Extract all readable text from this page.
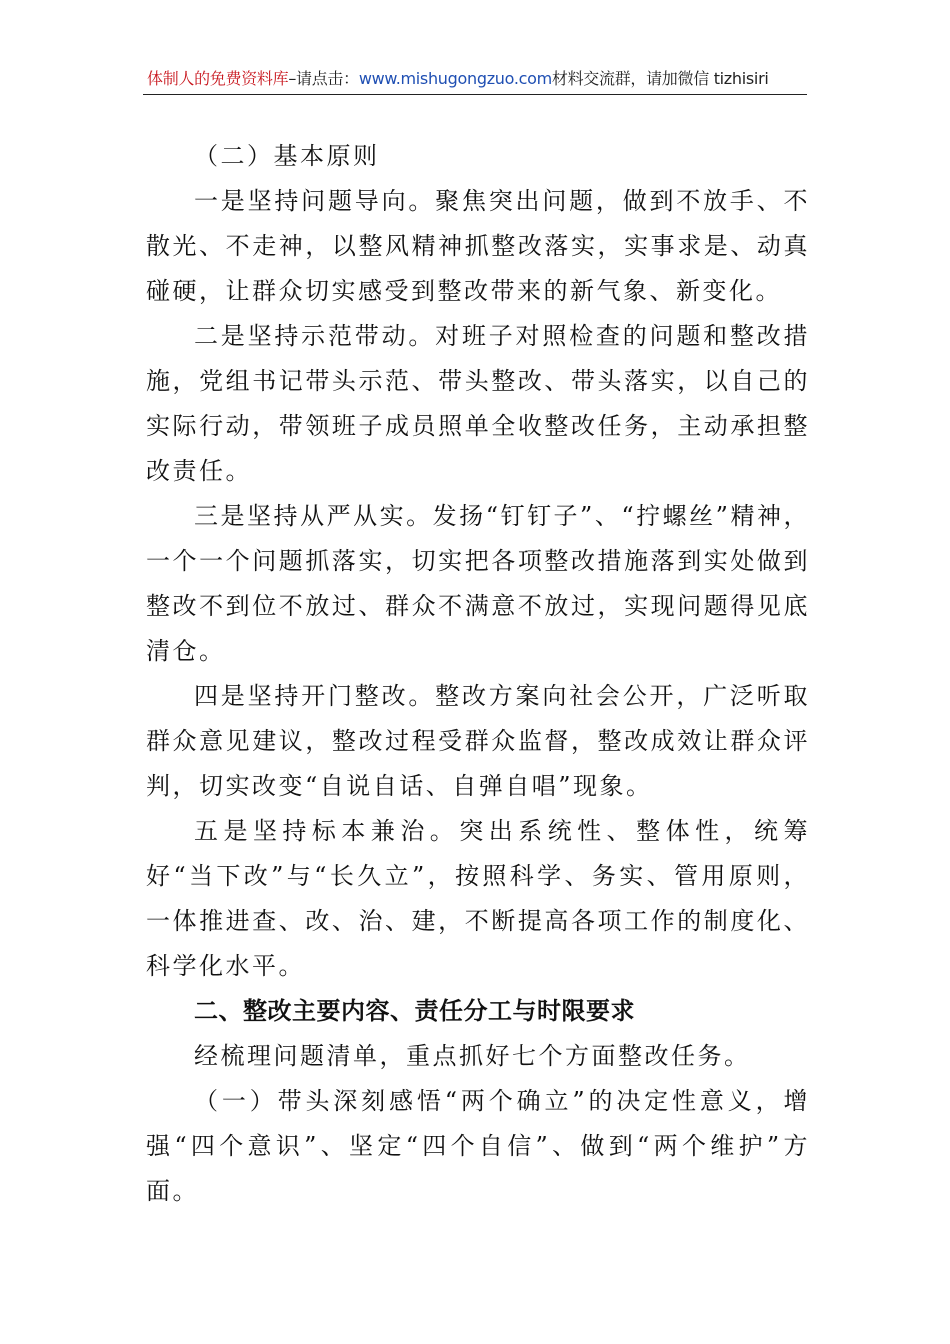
体制人的免费资料库–请点击：www.mishugongzuo.com材料交流群，请加微信 tizhisiri

（二）基本原则

一是坚持问题导向。聚焦突出问题，做到不放手、不散光、不走神，以整风精神抓整改落实，实事求是、动真碰硬，让群众切实感受到整改带来的新气象、新变化。

二是坚持示范带动。对班子对照检查的问题和整改措施，党组书记带头示范、带头整改、带头落实，以自己的实际行动，带领班子成员照单全收整改任务，主动承担整改责任。

三是坚持从严从实。发扬“钉钉子”、“拧螺丝”精神，一个一个问题抓落实，切实把各项整改措施落到实处做到整改不到位不放过、群众不满意不放过，实现问题得见底清仓。

四是坚持开门整改。整改方案向社会公开，广泛听取群众意见建议，整改过程受群众监督，整改成效让群众评判，切实改变“自说自话、自弹自唱”现象。

五是坚持标本兼治。突出系统性、整体性，统筹好“当下改”与“长久立”，按照科学、务实、管用原则，一体推进查、改、治、建，不断提高各项工作的制度化、科学化水平。

二、整改主要内容、责任分工与时限要求

经梳理问题清单，重点抓好七个方面整改任务。

（一）带头深刻感悟“两个确立”的决定性意义，增强“四个意识”、坚定“四个自信”、做到“两个维护”方面。
